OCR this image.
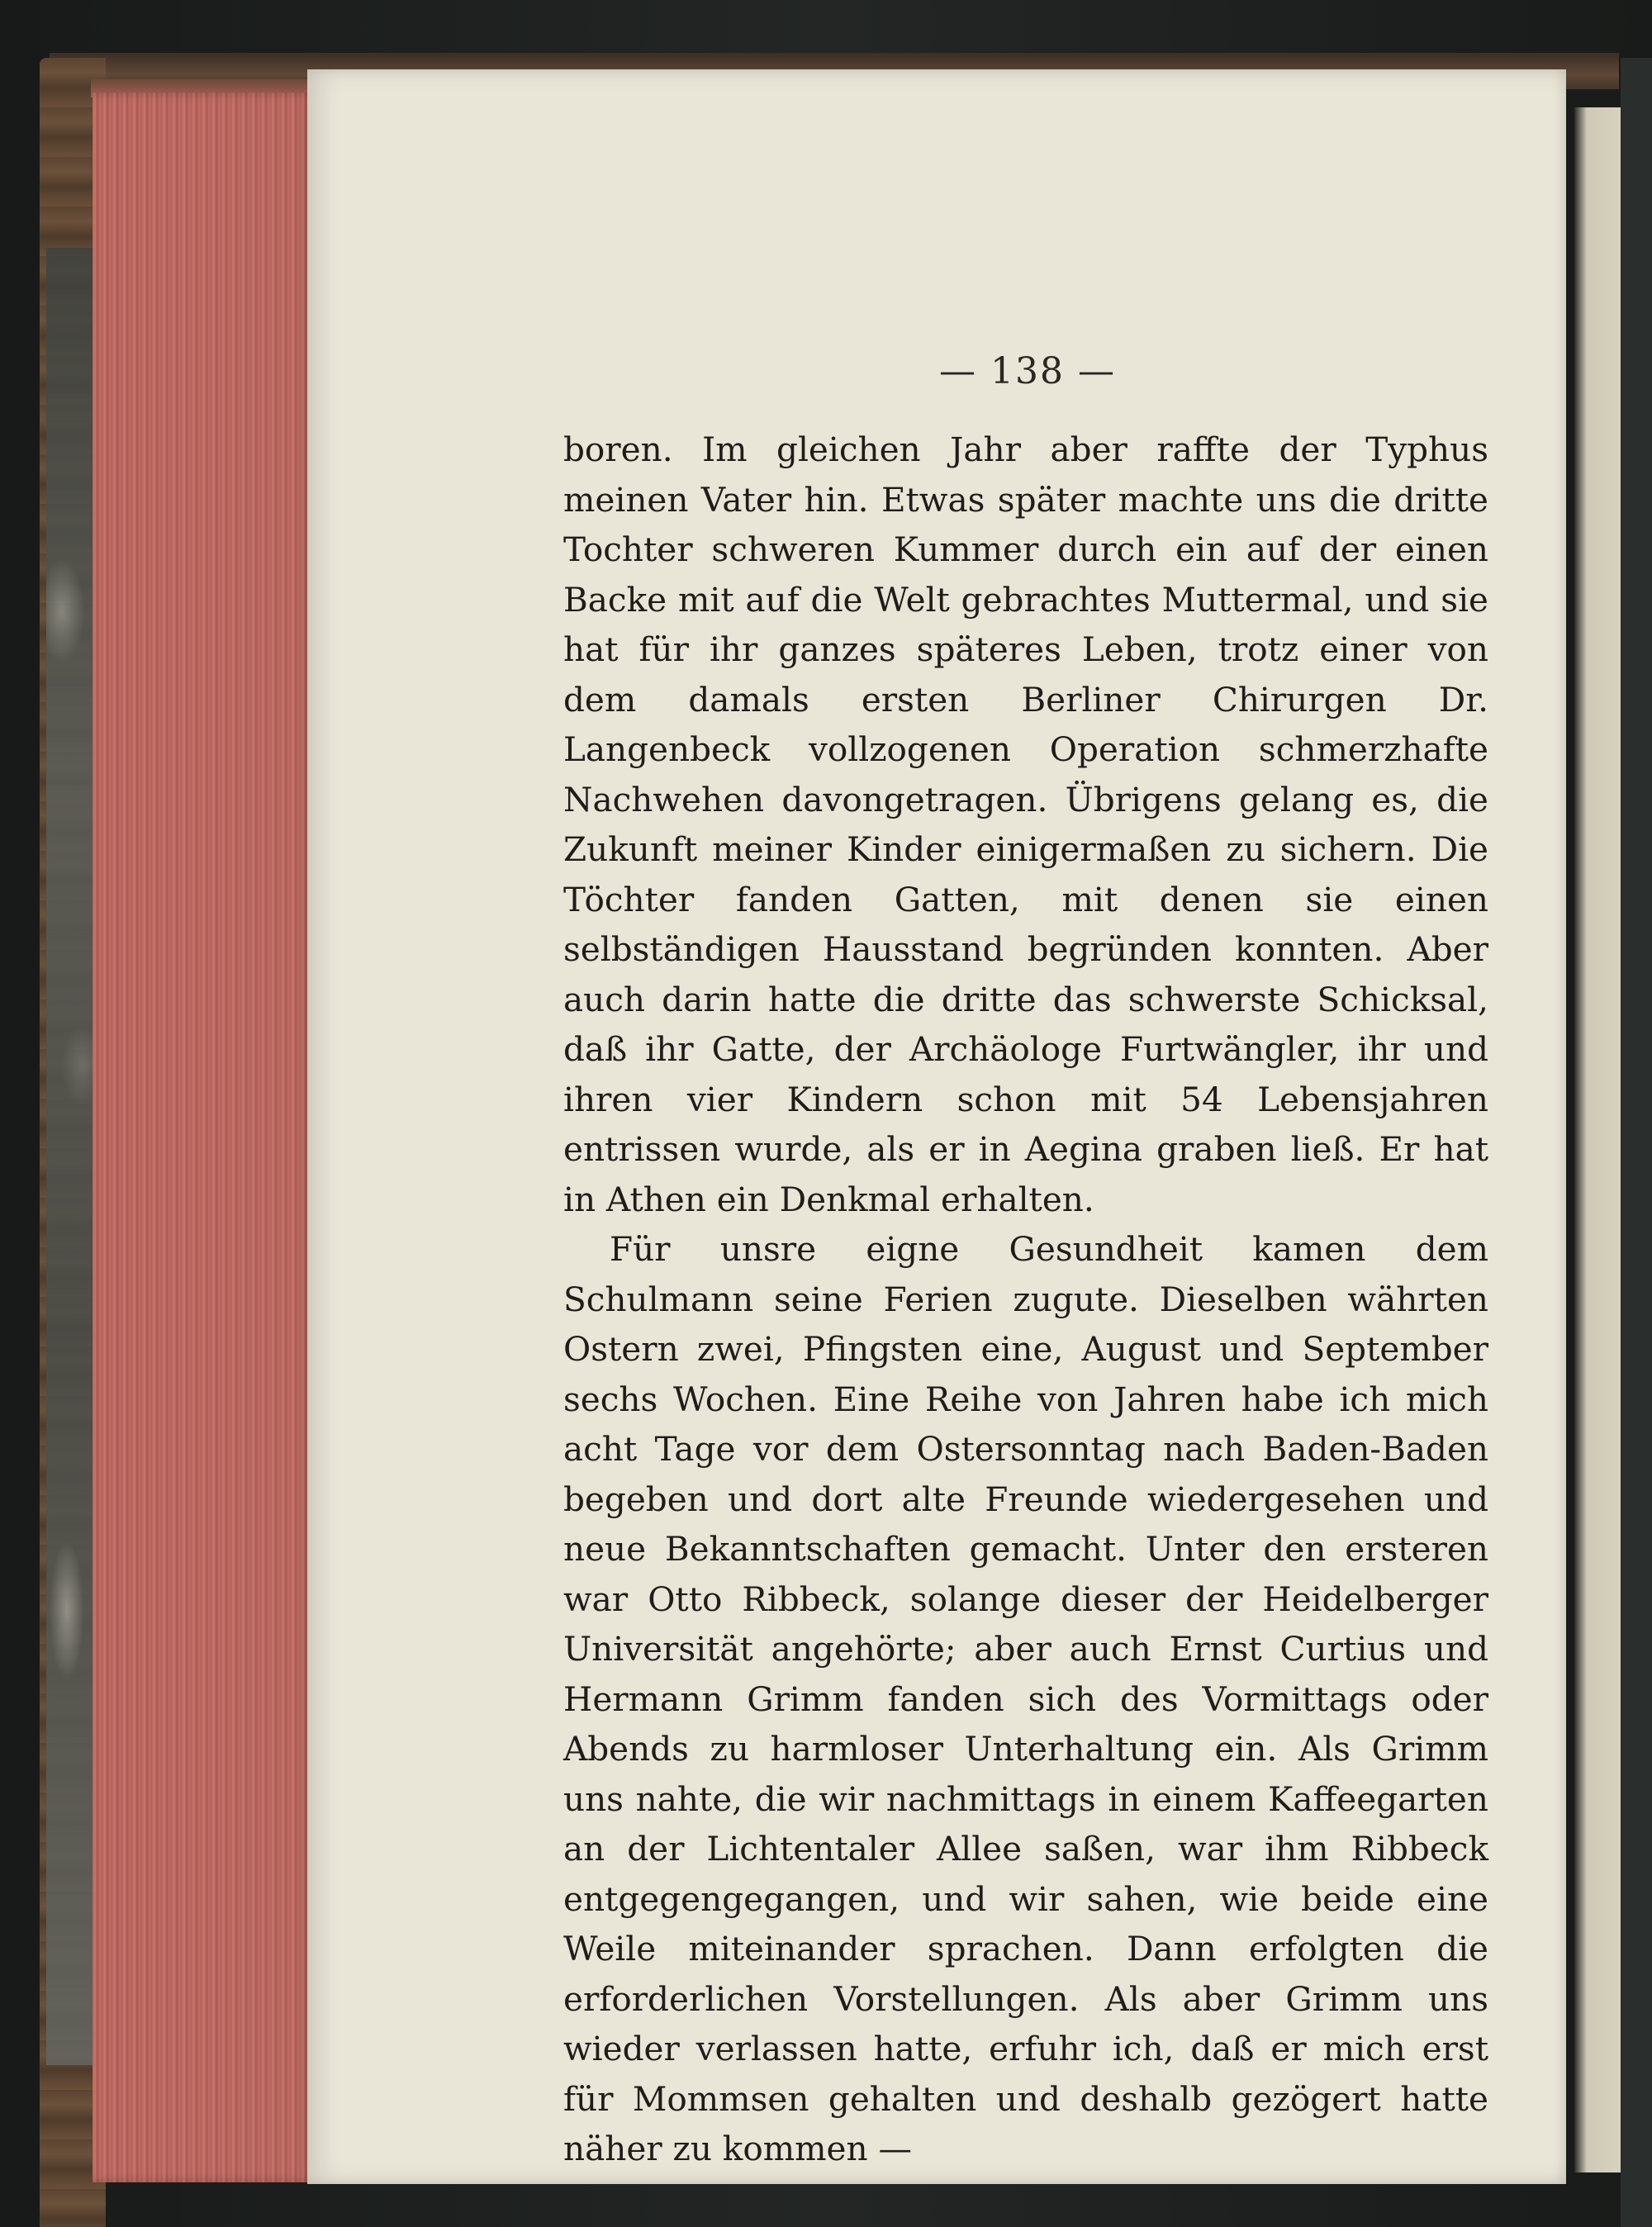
— 138 —

boren. Im gleichen Jahr aber raffte der Typhus meinen Vater hin. Etwas später machte uns die dritte Tochter schweren Kummer durch ein auf der einen Backe mit auf die Welt gebrachtes Muttermal, und sie hat für ihr ganzes späteres Leben, trotz einer von dem damals ersten Berliner Chirurgen Dr. Langenbeck vollzogenen Operation schmerzhafte Nachwehen davongetragen. Übrigens gelang es, die Zukunft meiner Kinder einigermaßen zu sichern. Die Töchter fanden Gatten, mit denen sie einen selbständigen Hausstand begründen konnten. Aber auch darin hatte die dritte das schwerste Schicksal, daß ihr Gatte, der Archäologe Furtwängler, ihr und ihren vier Kindern schon mit 54 Lebensjahren entrissen wurde, als er in Aegina graben ließ. Er hat in Athen ein Denkmal erhalten.

Für unsre eigne Gesundheit kamen dem Schulmann seine Ferien zugute. Dieselben währten Ostern zwei, Pfingsten eine, August und September sechs Wochen. Eine Reihe von Jahren habe ich mich acht Tage vor dem Ostersonntag nach Baden-Baden begeben und dort alte Freunde wiedergesehen und neue Bekanntschaften gemacht. Unter den ersteren war Otto Ribbeck, solange dieser der Heidelberger Universität angehörte; aber auch Ernst Curtius und Hermann Grimm fanden sich des Vormittags oder Abends zu harmloser Unterhaltung ein. Als Grimm uns nahte, die wir nachmittags in einem Kaffeegarten an der Lichtentaler Allee saßen, war ihm Ribbeck entgegengegangen, und wir sahen, wie beide eine Weile miteinander sprachen. Dann erfolgten die erforderlichen Vorstellungen. Als aber Grimm uns wieder verlassen hatte, erfuhr ich, daß er mich erst für Mommsen gehalten und deshalb gezögert hatte näher zu kommen —
